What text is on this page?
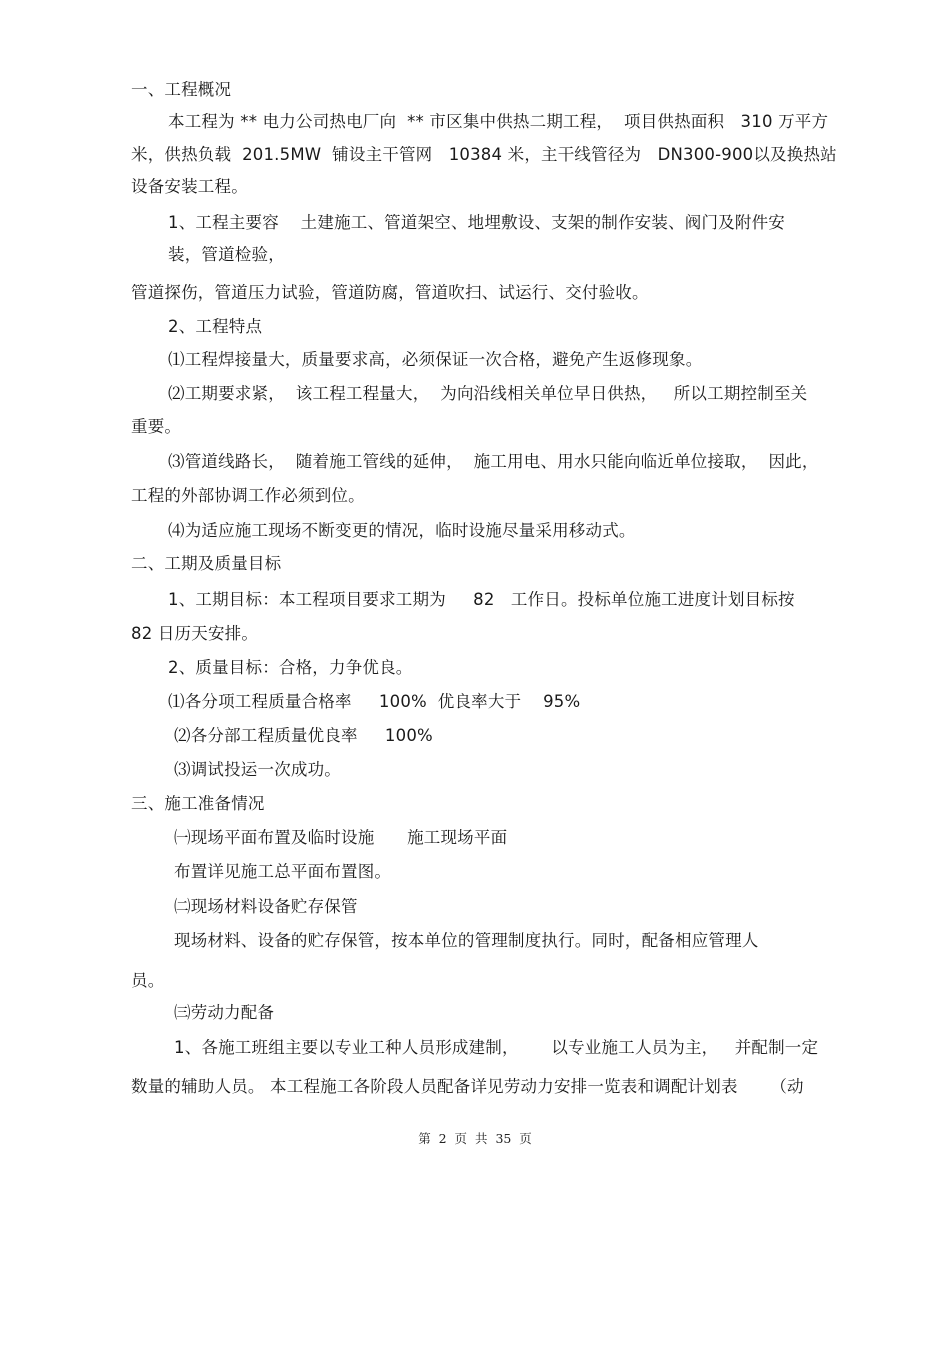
一、工程概况
本工程为 ** 电力公司热电厂向  ** 市区集中供热二期工程，  项目供热面积   310 万平方
米，供热负载  201.5MW  铺设主干管网   10384 米，主干线管径为   DN300-900以及换热站
设备安装工程。
1、工程主要容    土建施工、管道架空、地埋敷设、支架的制作安装、阀门及附件安
装，管道检验，
管道探伤，管道压力试验，管道防腐，管道吹扫、试运行、交付验收。
2、工程特点
⑴工程焊接量大，质量要求高，必须保证一次合格，避免产生返修现象。
⑵工期要求紧，  该工程工程量大，  为向沿线相关单位早日供热，   所以工期控制至关
重要。
⑶管道线路长，  随着施工管线的延伸，  施工用电、用水只能向临近单位接取，  因此，
工程的外部协调工作必须到位。
⑷为适应施工现场不断变更的情况，临时设施尽量采用移动式。
二、工期及质量目标
1、工期目标：本工程项目要求工期为     82   工作日。投标单位施工进度计划目标按
82 日历天安排。
2、质量目标：合格，力争优良。
⑴各分项工程质量合格率     100%  优良率大于    95%
⑵各分部工程质量优良率     100%
⑶调试投运一次成功。
三、施工准备情况
㈠现场平面布置及临时设施      施工现场平面
布置详见施工总平面布置图。
㈡现场材料设备贮存保管
现场材料、设备的贮存保管，按本单位的管理制度执行。同时，配备相应管理人
员。
㈢劳动力配备
1、各施工班组主要以专业工种人员形成建制，      以专业施工人员为主，   并配制一定
数量的辅助人员。 本工程施工各阶段人员配备详见劳动力安排一览表和调配计划表      （动
第  2  页  共  35  页
